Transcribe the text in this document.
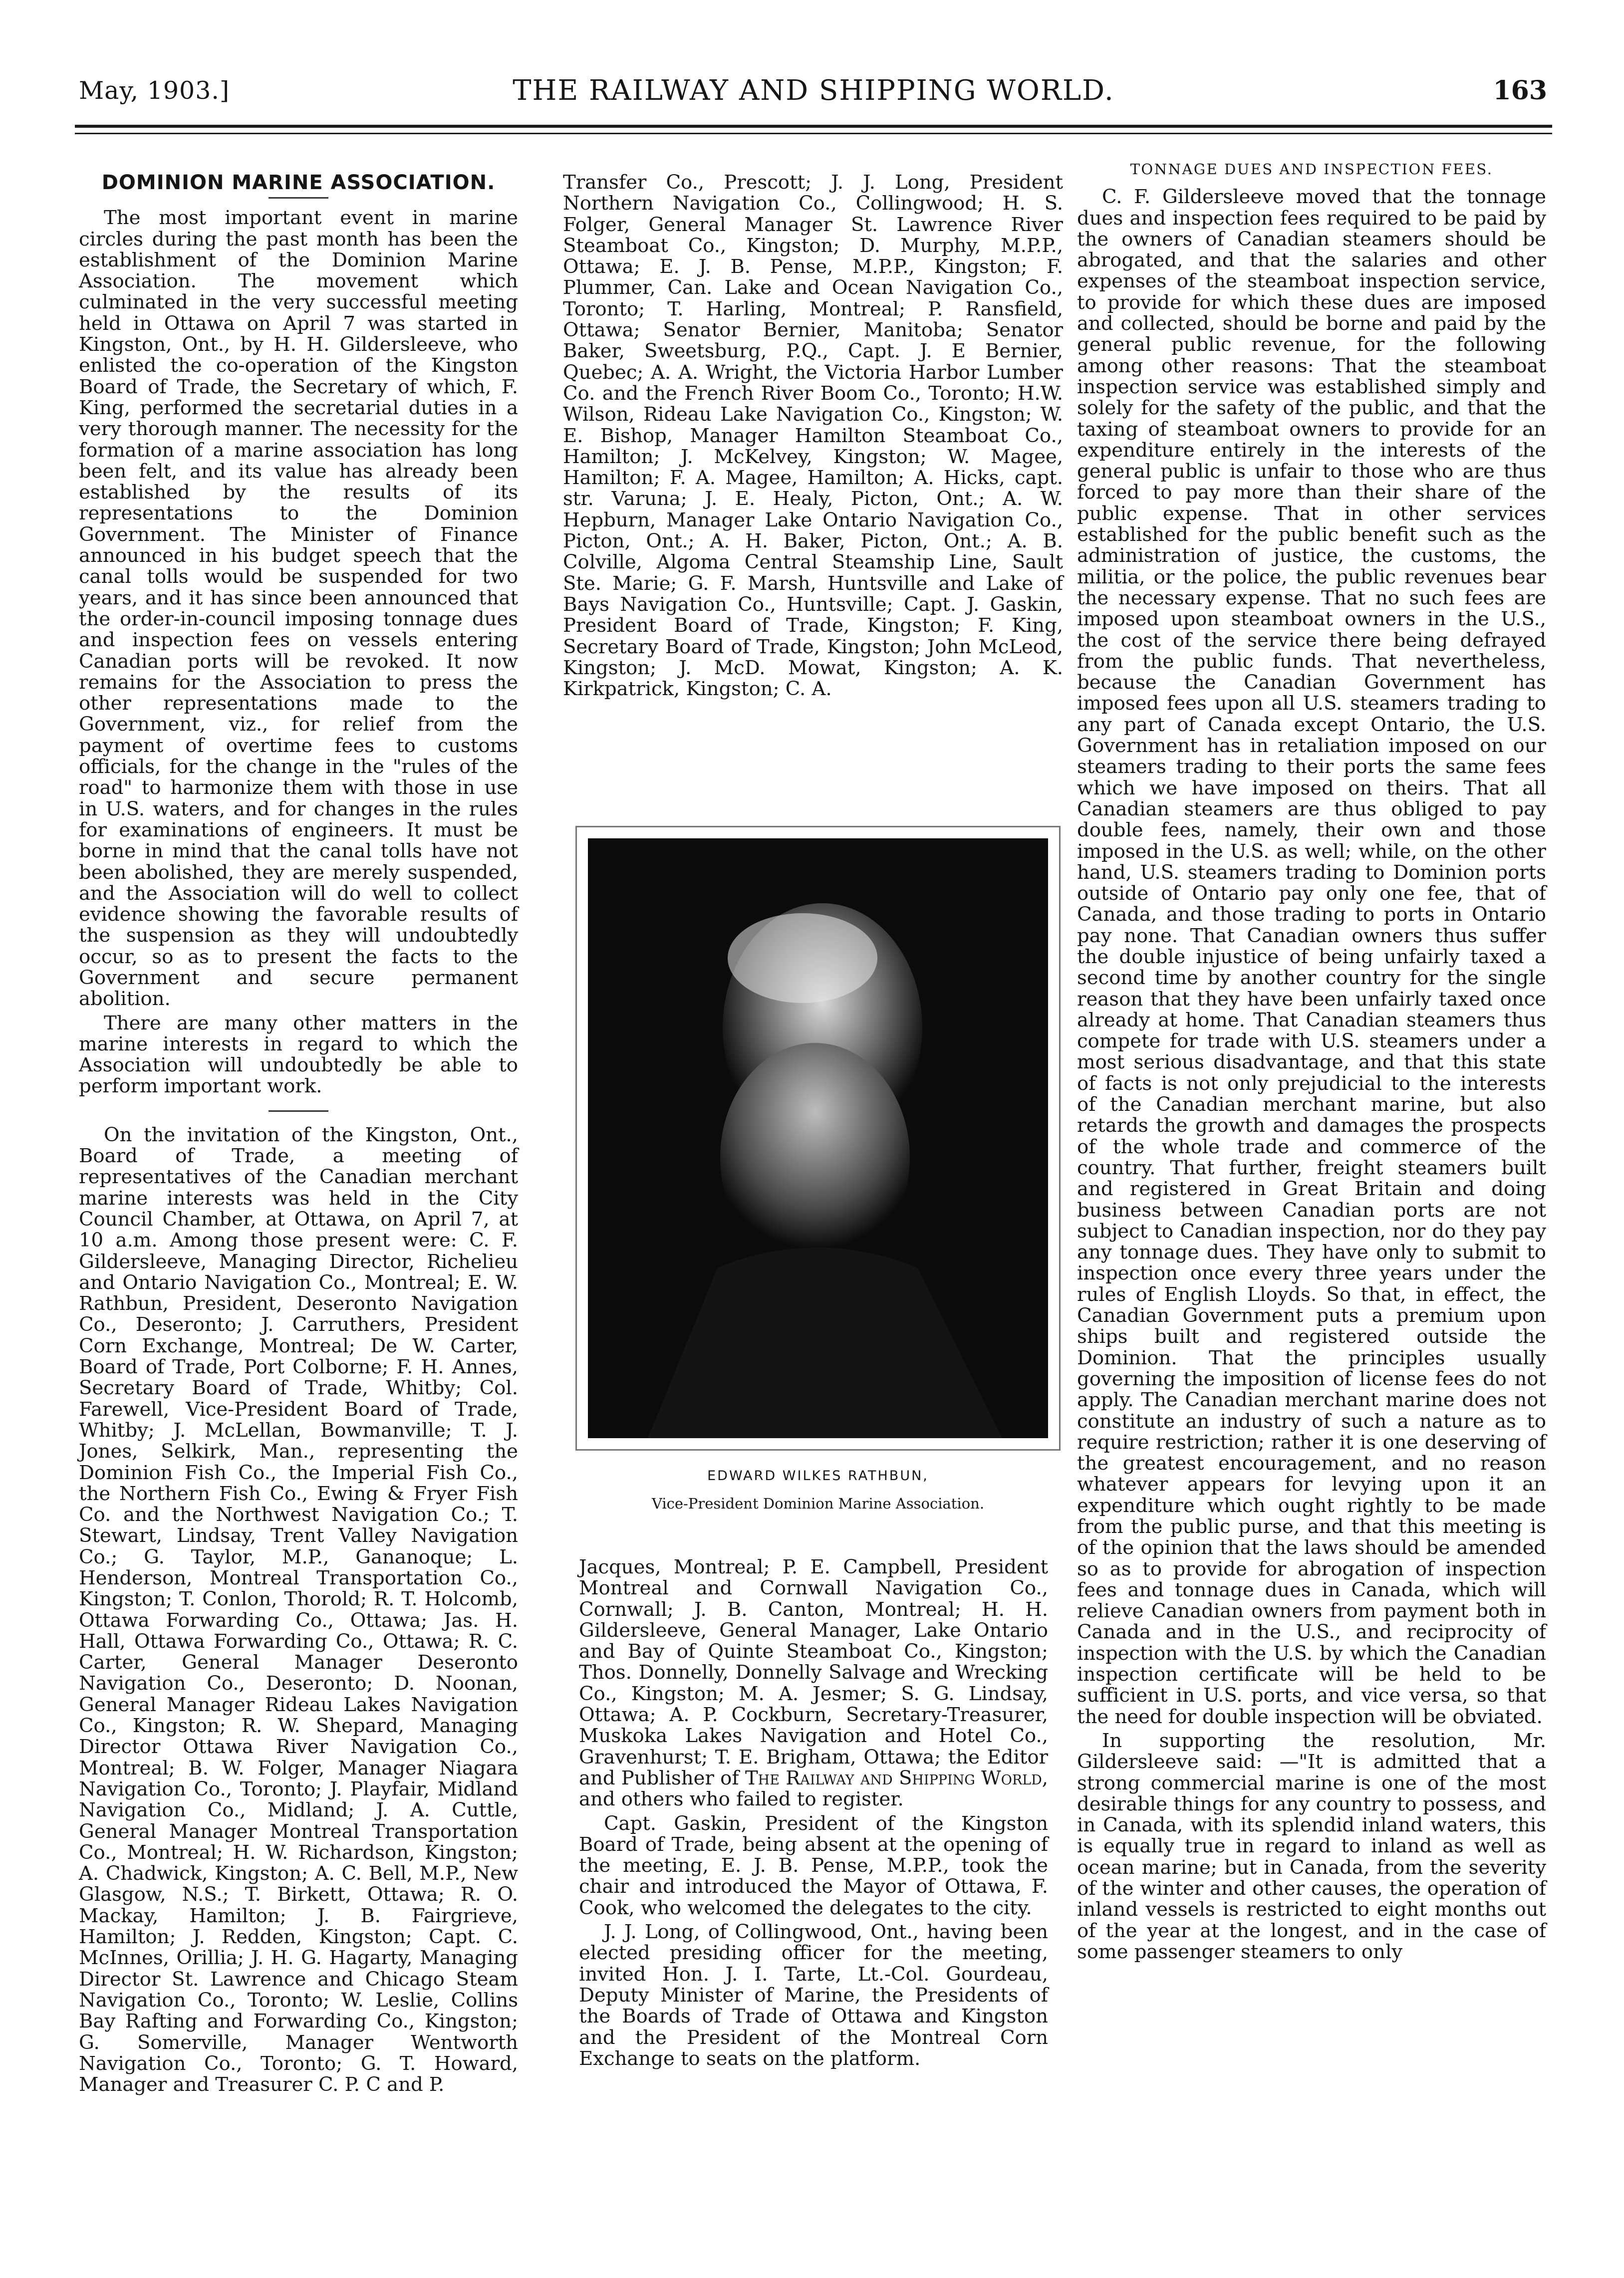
May, 1903.]	THE RAILWAY AND SHIPPING WORLD.	163
DOMINION MARINE ASSOCIATION.

The most important event in marine circles during the past month has been the establishment of the Dominion Marine Association. The movement which culminated in the very successful meeting held in Ottawa on April 7 was started in Kingston, Ont., by H. H. Gildersleeve, who enlisted the co-operation of the Kingston Board of Trade, the Secretary of which, F. King, performed the secretarial duties in a very thorough manner. The necessity for the formation of a marine association has long been felt, and its value has already been established by the results of its representations to the Dominion Government. The Minister of Finance announced in his budget speech that the canal tolls would be suspended for two years, and it has since been announced that the order-in-council imposing tonnage dues and inspection fees on vessels entering Canadian ports will be revoked. It now remains for the Association to press the other representations made to the Government, viz., for relief from the payment of overtime fees to customs officials, for the change in the "rules of the road" to harmonize them with those in use in U.S. waters, and for changes in the rules for examinations of engineers. It must be borne in mind that the canal tolls have not been abolished, they are merely suspended, and the Association will do well to collect evidence showing the favorable results of the suspension as they will undoubtedly occur, so as to present the facts to the Government and secure permanent abolition.

There are many other matters in the marine interests in regard to which the Association will undoubtedly be able to perform important work.

On the invitation of the Kingston, Ont., Board of Trade, a meeting of representatives of the Canadian merchant marine interests was held in the City Council Chamber, at Ottawa, on April 7, at 10 a.m. Among those present were: C. F. Gildersleeve, Managing Director, Richelieu and Ontario Navigation Co., Montreal; E. W. Rathbun, President, Deseronto Navigation Co., Deseronto; J. Carruthers, President Corn Exchange, Montreal; De W. Carter, Board of Trade, Port Colborne; F. H. Annes, Secretary Board of Trade, Whitby; Col. Farewell, Vice-President Board of Trade, Whitby; J. McLellan, Bowmanville; T. J. Jones, Selkirk, Man., representing the Dominion Fish Co., the Imperial Fish Co., the Northern Fish Co., Ewing & Fryer Fish Co. and the Northwest Navigation Co.; T. Stewart, Lindsay, Trent Valley Navigation Co.; G. Taylor, M.P., Gananoque; L. Henderson, Montreal Transportation Co., Kingston; T. Conlon, Thorold; R. T. Holcomb, Ottawa Forwarding Co., Ottawa; Jas. H. Hall, Ottawa Forwarding Co., Ottawa; R. C. Carter, General Manager Deseronto Navigation Co., Deseronto; D. Noonan, General Manager Rideau Lakes Navigation Co., Kingston; R. W. Shepard, Managing Director Ottawa River Navigation Co., Montreal; B. W. Folger, Manager Niagara Navigation Co., Toronto; J. Playfair, Midland Navigation Co., Midland; J. A. Cuttle, General Manager Montreal Transportation Co., Montreal; H. W. Richardson, Kingston; A. Chadwick, Kingston; A. C. Bell, M.P., New Glasgow, N.S.; T. Birkett, Ottawa; R. O. Mackay, Hamilton; J. B. Fairgrieve, Hamilton; J. Redden, Kingston; Capt. C. McInnes, Orillia; J. H. G. Hagarty, Managing Director St. Lawrence and Chicago Steam Navigation Co., Toronto; W. Leslie, Collins Bay Rafting and Forwarding Co., Kingston; G. Somerville, Manager Wentworth Navigation Co., Toronto; G. T. Howard, Manager and Treasurer C. P. C and P.

Transfer Co., Prescott; J. J. Long, President Northern Navigation Co., Collingwood; H. S. Folger, General Manager St. Lawrence River Steamboat Co., Kingston; D. Murphy, M.P.P., Ottawa; E. J. B. Pense, M.P.P., Kingston; F. Plummer, Can. Lake and Ocean Navigation Co., Toronto; T. Harling, Montreal; P. Ransfield, Ottawa; Senator Bernier, Manitoba; Senator Baker, Sweetsburg, P.Q., Capt. J. E Bernier, Quebec; A. A. Wright, the Victoria Harbor Lumber Co. and the French River Boom Co., Toronto; H.W. Wilson, Rideau Lake Navigation Co., Kingston; W. E. Bishop, Manager Hamilton Steamboat Co., Hamilton; J. McKelvey, Kingston; W. Magee, Hamilton; F. A. Magee, Hamilton; A. Hicks, capt. str. Varuna; J. E. Healy, Picton, Ont.; A. W. Hepburn, Manager Lake Ontario Navigation Co., Picton, Ont.; A. H. Baker, Picton, Ont.; A. B. Colville, Algoma Central Steamship Line, Sault Ste. Marie; G. F. Marsh, Huntsville and Lake of Bays Navigation Co., Huntsville; Capt. J. Gaskin, President Board of Trade, Kingston; F. King, Secretary Board of Trade, Kingston; John McLeod, Kingston; J. McD. Mowat, Kingston; A. K. Kirkpatrick, Kingston; C. A.

EDWARD WILKES RATHBUN,
Vice-President Dominion Marine Association.

Jacques, Montreal; P. E. Campbell, President Montreal and Cornwall Navigation Co., Cornwall; J. B. Canton, Montreal; H. H. Gildersleeve, General Manager, Lake Ontario and Bay of Quinte Steamboat Co., Kingston; Thos. Donnelly, Donnelly Salvage and Wrecking Co., Kingston; M. A. Jesmer; S. G. Lindsay, Ottawa; A. P. Cockburn, Secretary-Treasurer, Muskoka Lakes Navigation and Hotel Co., Gravenhurst; T. E. Brigham, Ottawa; the Editor and Publisher of The Railway and Shipping World, and others who failed to register.

Capt. Gaskin, President of the Kingston Board of Trade, being absent at the opening of the meeting, E. J. B. Pense, M.P.P., took the chair and introduced the Mayor of Ottawa, F. Cook, who welcomed the delegates to the city.

J. J. Long, of Collingwood, Ont., having been elected presiding officer for the meeting, invited Hon. J. I. Tarte, Lt.-Col. Gourdeau, Deputy Minister of Marine, the Presidents of the Boards of Trade of Ottawa and Kingston and the President of the Montreal Corn Exchange to seats on the platform.

TONNAGE DUES AND INSPECTION FEES.

C. F. Gildersleeve moved that the tonnage dues and inspection fees required to be paid by the owners of Canadian steamers should be abrogated, and that the salaries and other expenses of the steamboat inspection service, to provide for which these dues are imposed and collected, should be borne and paid by the general public revenue, for the following among other reasons: That the steamboat inspection service was established simply and solely for the safety of the public, and that the taxing of steamboat owners to provide for an expenditure entirely in the interests of the general public is unfair to those who are thus forced to pay more than their share of the public expense. That in other services established for the public benefit such as the administration of justice, the customs, the militia, or the police, the public revenues bear the necessary expense. That no such fees are imposed upon steamboat owners in the U.S., the cost of the service there being defrayed from the public funds. That nevertheless, because the Canadian Government has imposed fees upon all U.S. steamers trading to any part of Canada except Ontario, the U.S. Government has in retaliation imposed on our steamers trading to their ports the same fees which we have imposed on theirs. That all Canadian steamers are thus obliged to pay double fees, namely, their own and those imposed in the U.S. as well; while, on the other hand, U.S. steamers trading to Dominion ports outside of Ontario pay only one fee, that of Canada, and those trading to ports in Ontario pay none. That Canadian owners thus suffer the double injustice of being unfairly taxed a second time by another country for the single reason that they have been unfairly taxed once already at home. That Canadian steamers thus compete for trade with U.S. steamers under a most serious disadvantage, and that this state of facts is not only prejudicial to the interests of the Canadian merchant marine, but also retards the growth and damages the prospects of the whole trade and commerce of the country. That further, freight steamers built and registered in Great Britain and doing business between Canadian ports are not subject to Canadian inspection, nor do they pay any tonnage dues. They have only to submit to inspection once every three years under the rules of English Lloyds. So that, in effect, the Canadian Government puts a premium upon ships built and registered outside the Dominion. That the principles usually governing the imposition of license fees do not apply. The Canadian merchant marine does not constitute an industry of such a nature as to require restriction; rather it is one deserving of the greatest encouragement, and no reason whatever appears for levying upon it an expenditure which ought rightly to be made from the public purse, and that this meeting is of the opinion that the laws should be amended so as to provide for abrogation of inspection fees and tonnage dues in Canada, which will relieve Canadian owners from payment both in Canada and in the U.S., and reciprocity of inspection with the U.S. by which the Canadian inspection certificate will be held to be sufficient in U.S. ports, and vice versa, so that the need for double inspection will be obviated.

In supporting the resolution, Mr. Gildersleeve said: —"It is admitted that a strong commercial marine is one of the most desirable things for any country to possess, and in Canada, with its splendid inland waters, this is equally true in regard to inland as well as ocean marine; but in Canada, from the severity of the winter and other causes, the operation of inland vessels is restricted to eight months out of the year at the longest, and in the case of some passenger steamers to only
